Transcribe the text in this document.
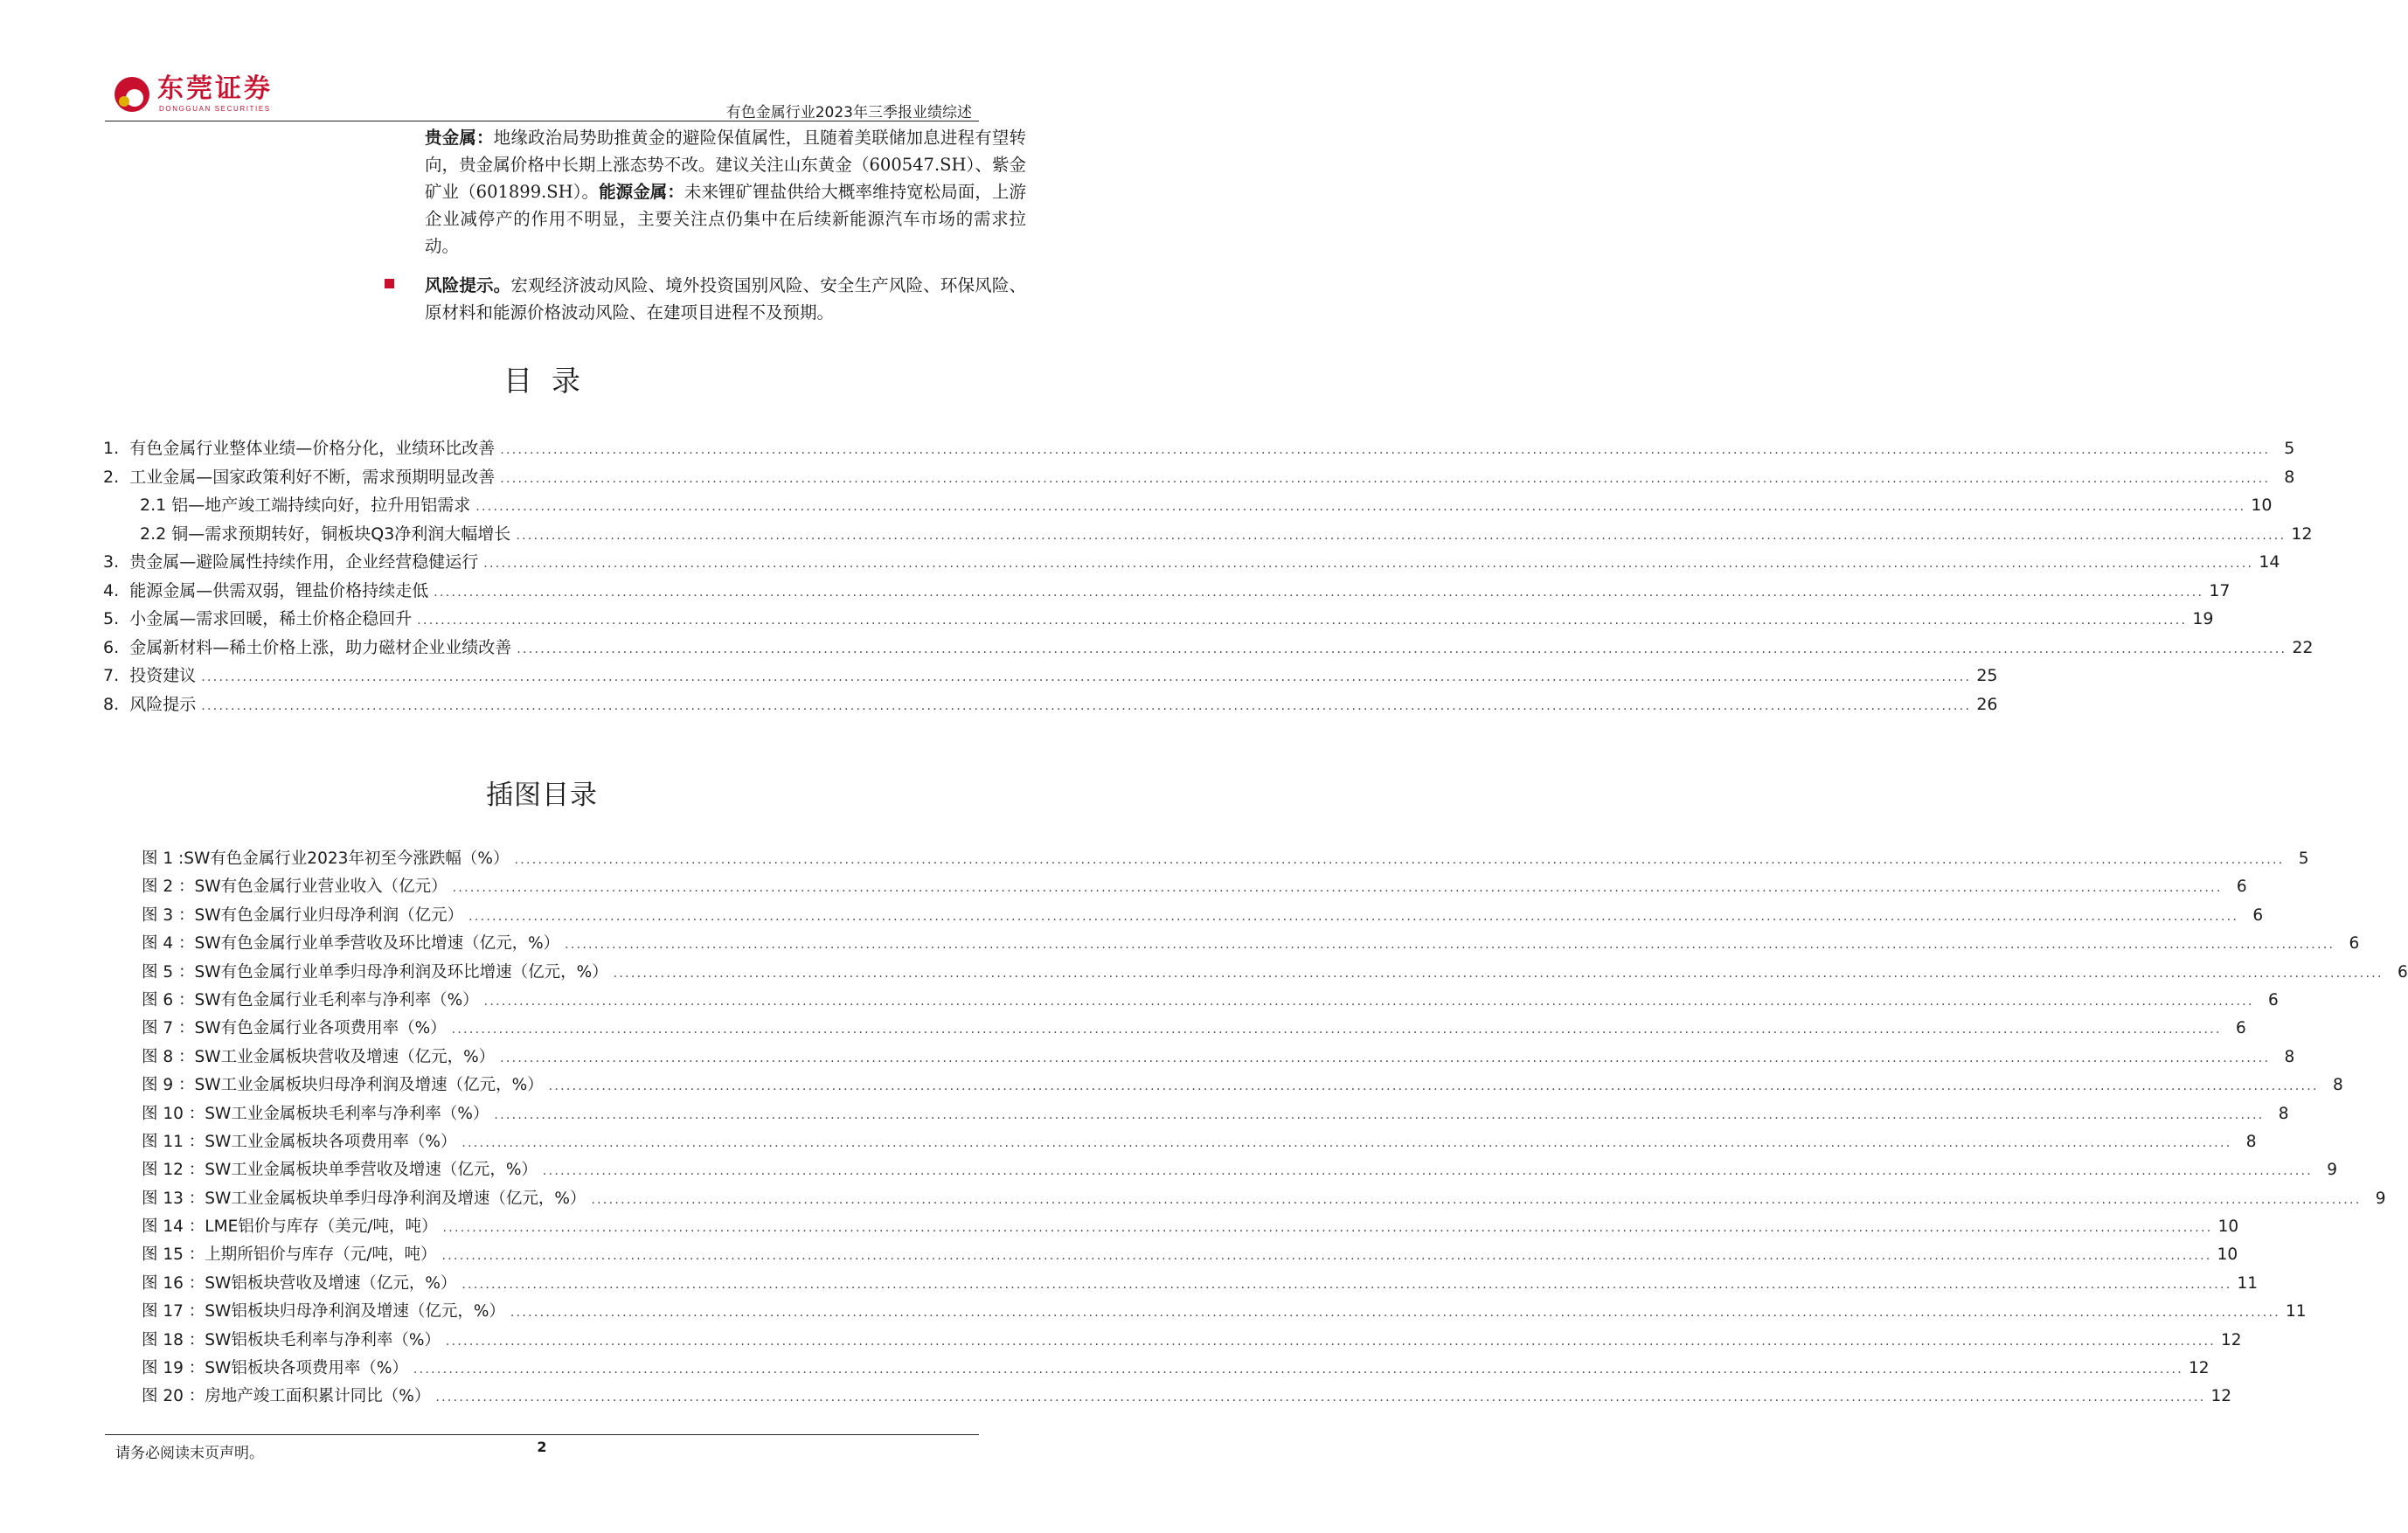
东莞证券
DONGGUAN SECURITIES	有色金属行业2023年三季报业绩综述
贵金属：地缘政治局势助推黄金的避险保值属性，且随着美联储加息进程有望转向，贵金属价格中长期上涨态势不改。建议关注山东黄金（600547.SH）、紫金矿业（601899.SH）。能源金属：未来锂矿锂盐供给大概率维持宽松局面，上游企业减停产的作用不明显，主要关注点仍集中在后续新能源汽车市场的需求拉动。
风险提示。宏观经济波动风险、境外投资国别风险、安全生产风险、环保风险、原材料和能源价格波动风险、在建项目进程不及预期。
目录
1. 有色金属行业整体业绩—价格分化，业绩环比改善 ............................................................................................................................................................................................................................................................................................................ 5
2. 工业金属—国家政策利好不断，需求预期明显改善 ............................................................................................................................................................................................................................................................................................................ 8
2.1 铝—地产竣工端持续向好，拉升用铝需求 ............................................................................................................................................................................................................................................................................................................ 10
2.2 铜—需求预期转好，铜板块Q3净利润大幅增长 ............................................................................................................................................................................................................................................................................................................ 12
3. 贵金属—避险属性持续作用，企业经营稳健运行 ............................................................................................................................................................................................................................................................................................................ 14
4. 能源金属—供需双弱，锂盐价格持续走低 ............................................................................................................................................................................................................................................................................................................ 17
5. 小金属—需求回暖，稀土价格企稳回升 ............................................................................................................................................................................................................................................................................................................ 19
6. 金属新材料—稀土价格上涨，助力磁材企业业绩改善 ............................................................................................................................................................................................................................................................................................................ 22
7. 投资建议 ............................................................................................................................................................................................................................................................................................................ 25
8. 风险提示 ............................................................................................................................................................................................................................................................................................................ 26
插图目录
图 1 :SW有色金属行业2023年初至今涨跌幅（%） ............................................................................................................................................................................................................................................................................................................ 5
图 2 ：SW有色金属行业营业收入（亿元） ............................................................................................................................................................................................................................................................................................................ 6
图 3 ：SW有色金属行业归母净利润（亿元） ............................................................................................................................................................................................................................................................................................................ 6
图 4 ：SW有色金属行业单季营收及环比增速（亿元，%） ............................................................................................................................................................................................................................................................................................................ 6
图 5 ：SW有色金属行业单季归母净利润及环比增速（亿元，%） ............................................................................................................................................................................................................................................................................................................ 6
图 6 ：SW有色金属行业毛利率与净利率（%） ............................................................................................................................................................................................................................................................................................................ 6
图 7 ：SW有色金属行业各项费用率（%） ............................................................................................................................................................................................................................................................................................................ 6
图 8 ：SW工业金属板块营收及增速（亿元，%） ............................................................................................................................................................................................................................................................................................................ 8
图 9 ：SW工业金属板块归母净利润及增速（亿元，%） ............................................................................................................................................................................................................................................................................................................ 8
图 10 ：SW工业金属板块毛利率与净利率（%） ............................................................................................................................................................................................................................................................................................................ 8
图 11 ：SW工业金属板块各项费用率（%） ............................................................................................................................................................................................................................................................................................................ 8
图 12 ：SW工业金属板块单季营收及增速（亿元，%） ............................................................................................................................................................................................................................................................................................................ 9
图 13 ：SW工业金属板块单季归母净利润及增速（亿元，%） ............................................................................................................................................................................................................................................................................................................ 9
图 14 ：LME铝价与库存（美元/吨，吨） ............................................................................................................................................................................................................................................................................................................ 10
图 15 ：上期所铝价与库存（元/吨，吨） ............................................................................................................................................................................................................................................................................................................ 10
图 16 ：SW铝板块营收及增速（亿元，%） ............................................................................................................................................................................................................................................................................................................ 11
图 17 ：SW铝板块归母净利润及增速（亿元，%） ............................................................................................................................................................................................................................................................................................................ 11
图 18 ：SW铝板块毛利率与净利率（%） ............................................................................................................................................................................................................................................................................................................ 12
图 19 ：SW铝板块各项费用率（%） ............................................................................................................................................................................................................................................................................................................ 12
图 20 ：房地产竣工面积累计同比（%） ............................................................................................................................................................................................................................................................................................................ 12
请务必阅读末页声明。	2
